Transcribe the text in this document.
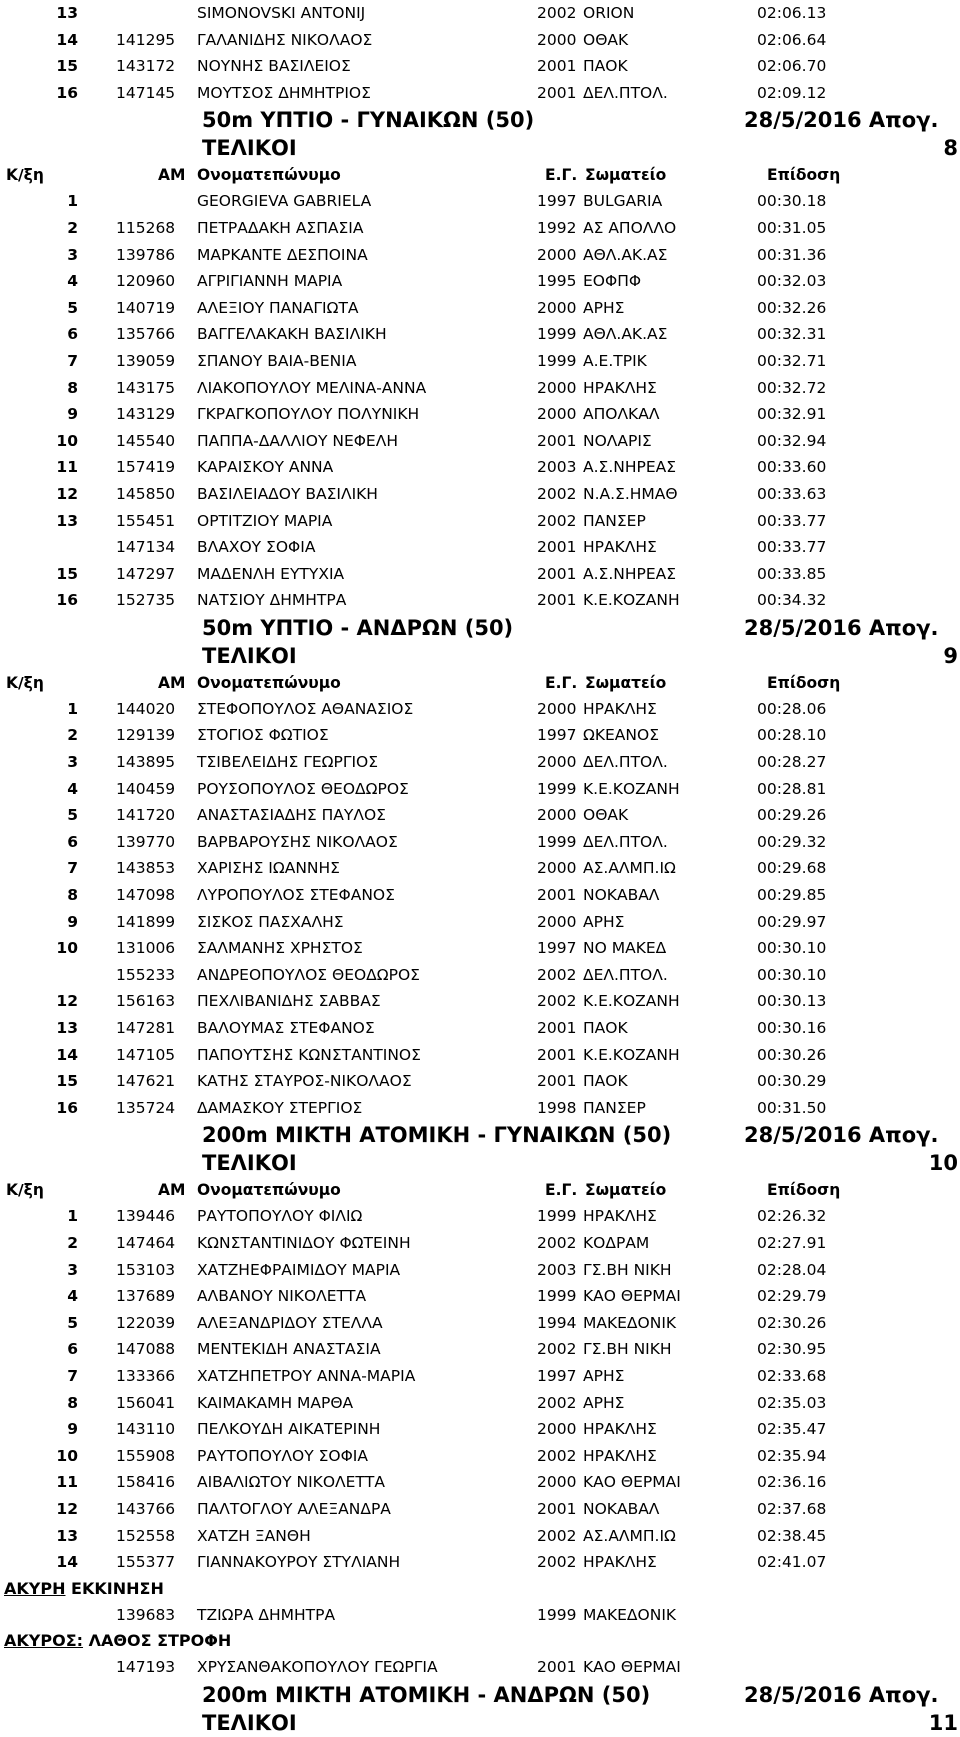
13	SIMONOVSKI ANTONIJ	2002 ORION	02:06.13
14 141295 ΓΑΛΑΝΙΔΗΣ ΝΙΚΟΛΑΟΣ	2000 ΟΘΑΚ	02:06.64
15 143172 ΝΟΥΝΗΣ ΒΑΣΙΛΕΙΟΣ	2001 ΠΑΟΚ	02:06.70
16 147145 ΜΟΥΤΣΟΣ ΔΗΜΗΤΡΙΟΣ	2001 ΔΕΛ.ΠΤΟΛ.	02:09.12
50m ΥΠΤΙΟ - ΓΥΝΑΙΚΩΝ (50)	28/5/2016 Απογ.
ΤΕΛΙΚΟΙ	8
Κ/ξη	ΑΜ Ονοματεπώνυμο	Ε.Γ. Σωματείο	Επίδοση
1	GEORGIEVA GABRIELA	1997 BULGARIA	00:30.18
2 115268 ΠΕΤΡΑΔΑΚΗ ΑΣΠΑΣΙΑ	1992 ΑΣ ΑΠΟΛΛΟ	00:31.05
3 139786 ΜΑΡΚΑΝΤΕ ΔΕΣΠΟΙΝΑ	2000 ΑΘΛ.ΑΚ.ΑΣ	00:31.36
4 120960 ΑΓΡΙΓΙΑΝΝΗ ΜΑΡΙΑ	1995 ΕΟΦΠΦ	00:32.03
5 140719 ΑΛΕΞΙΟΥ ΠΑΝΑΓΙΩΤΑ	2000 ΑΡΗΣ	00:32.26
6 135766 ΒΑΓΓΕΛΑΚΑΚΗ ΒΑΣΙΛΙΚΗ	1999 ΑΘΛ.ΑΚ.ΑΣ	00:32.31
7 139059 ΣΠΑΝΟΥ ΒΑΙΑ-ΒΕΝΙΑ	1999 Α.Ε.ΤΡΙΚ	00:32.71
8 143175 ΛΙΑΚΟΠΟΥΛΟΥ ΜΕΛΙΝΑ-ΑΝΝΑ	2000 ΗΡΑΚΛΗΣ	00:32.72
9 143129 ΓΚΡΑΓΚΟΠΟΥΛΟΥ ΠΟΛΥΝΙΚΗ	2000 ΑΠΟΛΚΑΛ	00:32.91
10 145540 ΠΑΠΠΑ-ΔΑΛΛΙΟΥ ΝΕΦΕΛΗ	2001 ΝΟΛΑΡΙΣ	00:32.94
11 157419 ΚΑΡΑΙΣΚΟΥ ΑΝΝΑ	2003 Α.Σ.ΝΗΡΕΑΣ	00:33.60
12 145850 ΒΑΣΙΛΕΙΑΔΟΥ ΒΑΣΙΛΙΚΗ	2002 Ν.Α.Σ.ΗΜΑΘ	00:33.63
13 155451 ΟΡΤΙΤΖΙΟΥ ΜΑΡΙΑ	2002 ΠΑΝΣΕΡ	00:33.77
147134 ΒΛΑΧΟΥ ΣΟΦΙΑ	2001 ΗΡΑΚΛΗΣ	00:33.77
15 147297 ΜΑΔΕΝΛΗ ΕΥΤΥΧΙΑ	2001 Α.Σ.ΝΗΡΕΑΣ	00:33.85
16 152735 ΝΑΤΣΙΟΥ ΔΗΜΗΤΡΑ	2001 Κ.Ε.ΚΟΖΑΝΗ	00:34.32
50m ΥΠΤΙΟ - ΑΝΔΡΩΝ (50)	28/5/2016 Απογ.
ΤΕΛΙΚΟΙ	9
Κ/ξη	ΑΜ Ονοματεπώνυμο	Ε.Γ. Σωματείο	Επίδοση
1 144020 ΣΤΕΦΟΠΟΥΛΟΣ ΑΘΑΝΑΣΙΟΣ	2000 ΗΡΑΚΛΗΣ	00:28.06
2 129139 ΣΤΟΓΙΟΣ ΦΩΤΙΟΣ	1997 ΩΚΕΑΝΟΣ	00:28.10
3 143895 ΤΣΙΒΕΛΕΙΔΗΣ ΓΕΩΡΓΙΟΣ	2000 ΔΕΛ.ΠΤΟΛ.	00:28.27
4 140459 ΡΟΥΣΟΠΟΥΛΟΣ ΘΕΟΔΩΡΟΣ	1999 Κ.Ε.ΚΟΖΑΝΗ	00:28.81
5 141720 ΑΝΑΣΤΑΣΙΑΔΗΣ ΠΑΥΛΟΣ	2000 ΟΘΑΚ	00:29.26
6 139770 ΒΑΡΒΑΡΟΥΣΗΣ ΝΙΚΟΛΑΟΣ	1999 ΔΕΛ.ΠΤΟΛ.	00:29.32
7 143853 ΧΑΡΙΣΗΣ ΙΩΑΝΝΗΣ	2000 ΑΣ.ΑΛΜΠ.ΙΩ	00:29.68
8 147098 ΛΥΡΟΠΟΥΛΟΣ ΣΤΕΦΑΝΟΣ	2001 ΝΟΚΑΒΑΛ	00:29.85
9 141899 ΣΙΣΚΟΣ ΠΑΣΧΑΛΗΣ	2000 ΑΡΗΣ	00:29.97
10 131006 ΣΑΛΜΑΝΗΣ ΧΡΗΣΤΟΣ	1997 ΝΟ ΜΑΚΕΔ	00:30.10
155233 ΑΝΔΡΕΟΠΟΥΛΟΣ ΘΕΟΔΩΡΟΣ	2002 ΔΕΛ.ΠΤΟΛ.	00:30.10
12 156163 ΠΕΧΛΙΒΑΝΙΔΗΣ ΣΑΒΒΑΣ	2002 Κ.Ε.ΚΟΖΑΝΗ	00:30.13
13 147281 ΒΑΛΟΥΜΑΣ ΣΤΕΦΑΝΟΣ	2001 ΠΑΟΚ	00:30.16
14 147105 ΠΑΠΟΥΤΣΗΣ ΚΩΝΣΤΑΝΤΙΝΟΣ	2001 Κ.Ε.ΚΟΖΑΝΗ	00:30.26
15 147621 ΚΑΤΗΣ ΣΤΑΥΡΟΣ-ΝΙΚΟΛΑΟΣ	2001 ΠΑΟΚ	00:30.29
16 135724 ΔΑΜΑΣΚΟΥ ΣΤΕΡΓΙΟΣ	1998 ΠΑΝΣΕΡ	00:31.50
200m ΜΙΚΤΗ ΑΤΟΜΙΚΗ - ΓΥΝΑΙΚΩΝ (50)	28/5/2016 Απογ.
ΤΕΛΙΚΟΙ	10
Κ/ξη	ΑΜ Ονοματεπώνυμο	Ε.Γ. Σωματείο	Επίδοση
1 139446 ΡΑΥΤΟΠΟΥΛΟΥ ΦΙΛΙΩ	1999 ΗΡΑΚΛΗΣ	02:26.32
2 147464 ΚΩΝΣΤΑΝΤΙΝΙΔΟΥ ΦΩΤΕΙΝΗ	2002 ΚΟΔΡΑΜ	02:27.91
3 153103 ΧΑΤΖΗΕΦΡΑΙΜΙΔΟΥ ΜΑΡΙΑ	2003 ΓΣ.ΒΗ ΝΙΚΗ	02:28.04
4 137689 ΑΛΒΑΝΟΥ ΝΙΚΟΛΕΤΤΑ	1999 ΚΑΟ ΘΕΡΜΑΙ	02:29.79
5 122039 ΑΛΕΞΑΝΔΡΙΔΟΥ ΣΤΕΛΛΑ	1994 ΜΑΚΕΔΟΝΙΚ	02:30.26
6 147088 ΜΕΝΤΕΚΙΔΗ ΑΝΑΣΤΑΣΙΑ	2002 ΓΣ.ΒΗ ΝΙΚΗ	02:30.95
7 133366 ΧΑΤΖΗΠΕΤΡΟΥ ΑΝΝΑ-ΜΑΡΙΑ	1997 ΑΡΗΣ	02:33.68
8 156041 ΚΑΙΜΑΚΑΜΗ ΜΑΡΘΑ	2002 ΑΡΗΣ	02:35.03
9 143110 ΠΕΛΚΟΥΔΗ ΑΙΚΑΤΕΡΙΝΗ	2000 ΗΡΑΚΛΗΣ	02:35.47
10 155908 ΡΑΥΤΟΠΟΥΛΟΥ ΣΟΦΙΑ	2002 ΗΡΑΚΛΗΣ	02:35.94
11 158416 ΑΙΒΑΛΙΩΤΟΥ ΝΙΚΟΛΕΤΤΑ	2000 ΚΑΟ ΘΕΡΜΑΙ	02:36.16
12 143766 ΠΑΛΤΟΓΛΟΥ ΑΛΕΞΑΝΔΡΑ	2001 ΝΟΚΑΒΑΛ	02:37.68
13 152558 ΧΑΤΖΗ ΞΑΝΘΗ	2002 ΑΣ.ΑΛΜΠ.ΙΩ	02:38.45
14 155377 ΓΙΑΝΝΑΚΟΥΡΟΥ ΣΤΥΛΙΑΝΗ	2002 ΗΡΑΚΛΗΣ	02:41.07
ΑΚΥΡΗ ΕΚΚΙΝΗΣΗ
139683 ΤΖΙΩΡΑ ΔΗΜΗΤΡΑ	1999 ΜΑΚΕΔΟΝΙΚ
ΑΚΥΡΟΣ: ΛΑΘΟΣ ΣΤΡΟΦΗ
147193 ΧΡΥΣΑΝΘΑΚΟΠΟΥΛΟΥ ΓΕΩΡΓΙΑ	2001 ΚΑΟ ΘΕΡΜΑΙ
200m ΜΙΚΤΗ ΑΤΟΜΙΚΗ - ΑΝΔΡΩΝ (50)	28/5/2016 Απογ.
ΤΕΛΙΚΟΙ	11
